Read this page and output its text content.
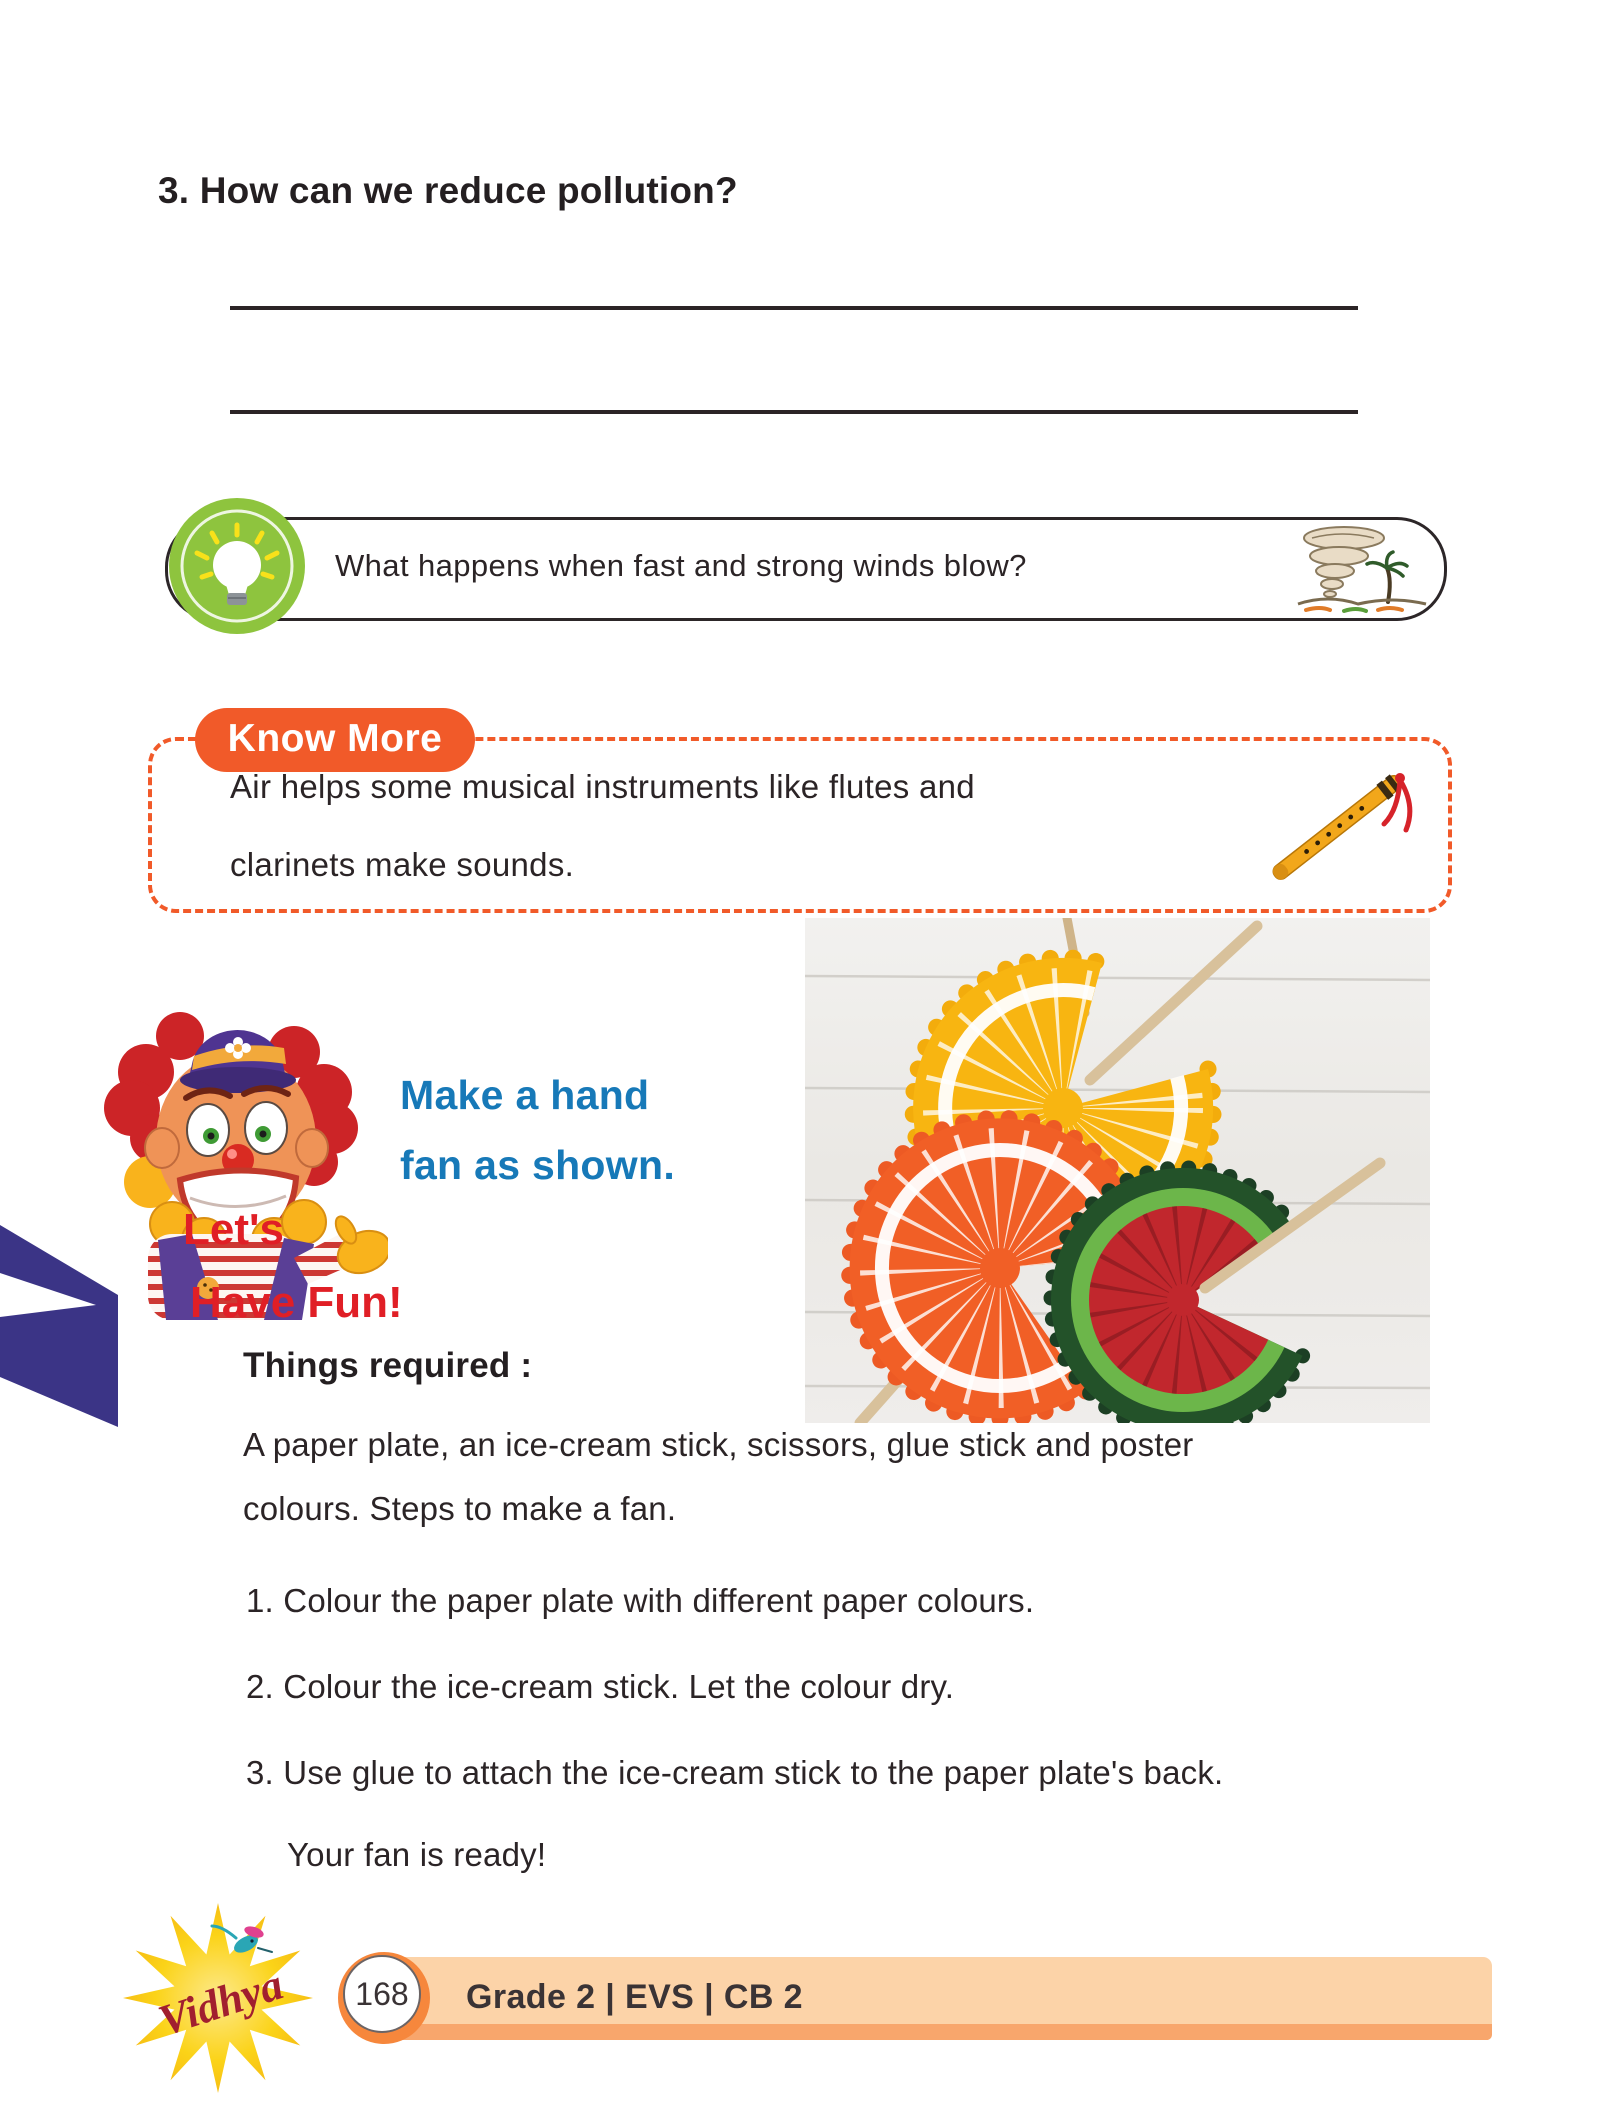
3. How can we reduce pollution?
What happens when fast and strong winds blow?
Know More
Air helps some musical instruments like flutes and
clarinets make sounds.
Make a hand
fan as shown.
Let's
Have Fun!
Things required :
A paper plate, an ice-cream stick, scissors, glue stick and poster
colours. Steps to make a fan.
1. Colour the paper plate with different paper colours.
2. Colour the ice-cream stick. Let the colour dry.
3. Use glue to attach the ice-cream stick to the paper plate's back.
Your fan is ready!
Vidhya	168	Grade 2 | EVS | CB 2
